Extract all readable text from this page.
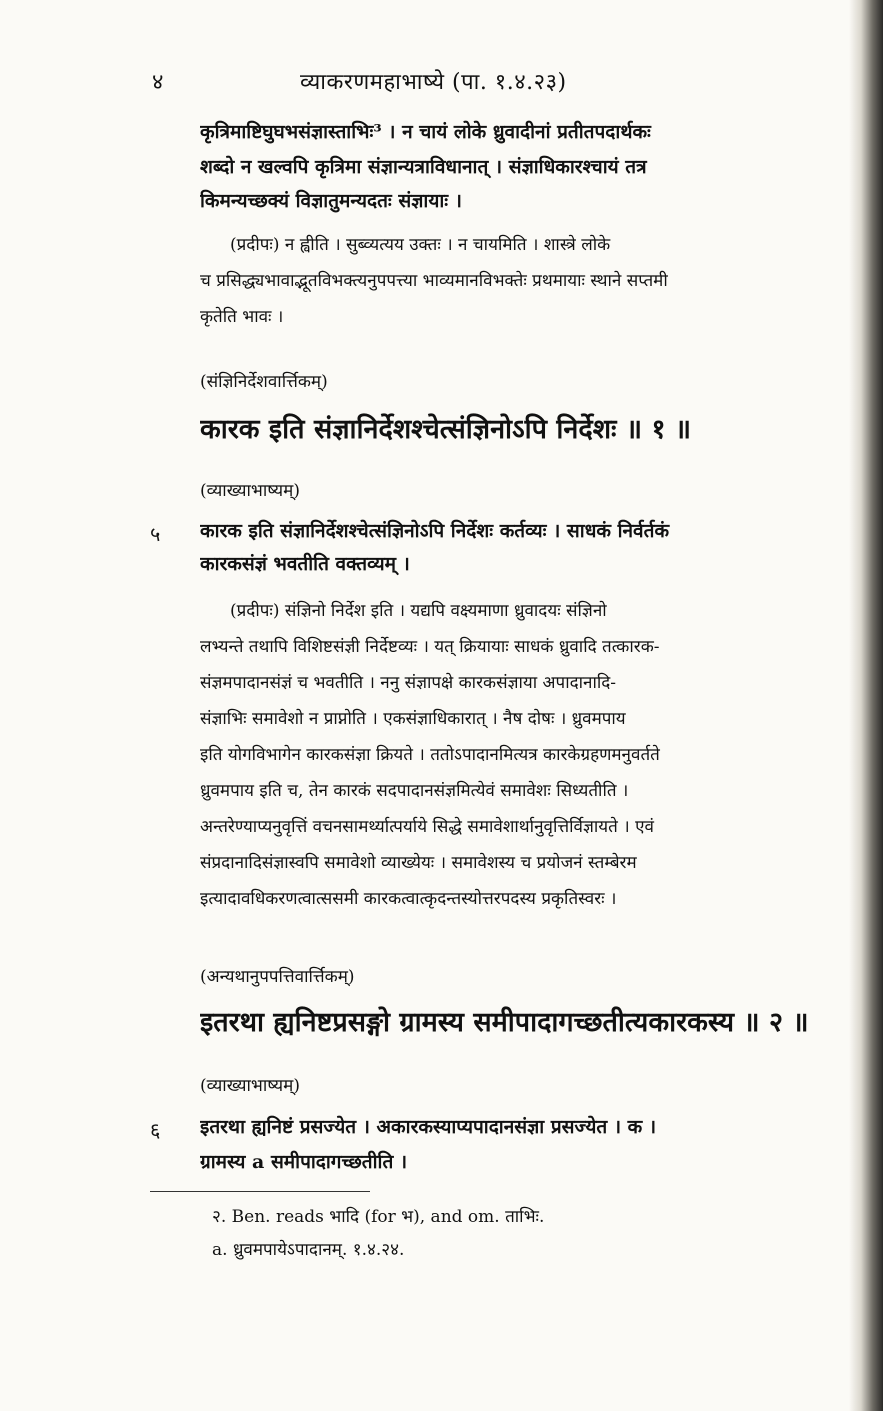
४	व्याकरणमहाभाष्ये (पा. १.४.२३)
कृत्रिमाष्टिघुघभसंज्ञास्ताभिः³ । न चायं लोके ध्रुवादीनां प्रतीतपदार्थकः
शब्दो न खल्वपि कृत्रिमा संज्ञान्यत्राविधानात् । संज्ञाधिकारश्चायं तत्र
किमन्यच्छक्यं विज्ञातुमन्यदतः संज्ञायाः ।
(प्रदीपः) न ह्वीति । सुब्व्यत्यय उक्तः । न चायमिति । शास्त्रे लोके
च प्रसिद्ध्यभावाद्भूतविभक्त्यनुपपत्त्या भाव्यमानविभक्तेः प्रथमायाः स्थाने सप्तमी
कृतेति भावः ।
(संज्ञिनिर्देशवार्त्तिकम्)
कारक इति संज्ञानिर्देशश्चेत्संज्ञिनोऽपि निर्देशः ॥ १ ॥
(व्याख्याभाष्यम्)
५ कारक इति संज्ञानिर्देशश्चेत्संज्ञिनोऽपि निर्देशः कर्तव्यः । साधकं निर्वर्तकं
कारकसंज्ञं भवतीति वक्तव्यम् ।
(प्रदीपः) संज्ञिनो निर्देश इति । यद्यपि वक्ष्यमाणा ध्रुवादयः संज्ञिनो
लभ्यन्ते तथापि विशिष्टसंज्ञी निर्देष्टव्यः । यत् क्रियायाः साधकं ध्रुवादि तत्कारक-
संज्ञमपादानसंज्ञं च भवतीति । ननु संज्ञापक्षे कारकसंज्ञाया अपादानादि-
संज्ञाभिः समावेशो न प्राप्नोति । एकसंज्ञाधिकारात् । नैष दोषः । ध्रुवमपाय
इति योगविभागेन कारकसंज्ञा क्रियते । ततोऽपादानमित्यत्र कारकेग्रहणमनुवर्तते
ध्रुवमपाय इति च, तेन कारकं सदपादानसंज्ञमित्येवं समावेशः सिध्यतीति ।
अन्तरेण्याप्यनुवृत्तिं वचनसामर्थ्यात्पर्याये सिद्धे समावेशार्थानुवृत्तिर्विज्ञायते । एवं
संप्रदानादिसंज्ञास्वपि समावेशो व्याख्येयः । समावेशस्य च प्रयोजनं स्तम्बेरम
इत्यादावधिकरणत्वात्ससमी कारकत्वात्कृदन्तस्योत्तरपदस्य प्रकृतिस्वरः ।
(अन्यथानुपपत्तिवार्त्तिकम्)
इतरथा ह्यनिष्टप्रसङ्गो ग्रामस्य समीपादागच्छतीत्यकारकस्य ॥ २ ॥
(व्याख्याभाष्यम्)
६ इतरथा ह्यनिष्टं प्रसज्येत । अकारकस्याप्यपादानसंज्ञा प्रसज्येत । क ।
ग्रामस्य a समीपादागच्छतीति ।
२. Ben. reads भादि (for भ), and om. ताभिः.
a. ध्रुवमपायेऽपादानम्. १.४.२४.
